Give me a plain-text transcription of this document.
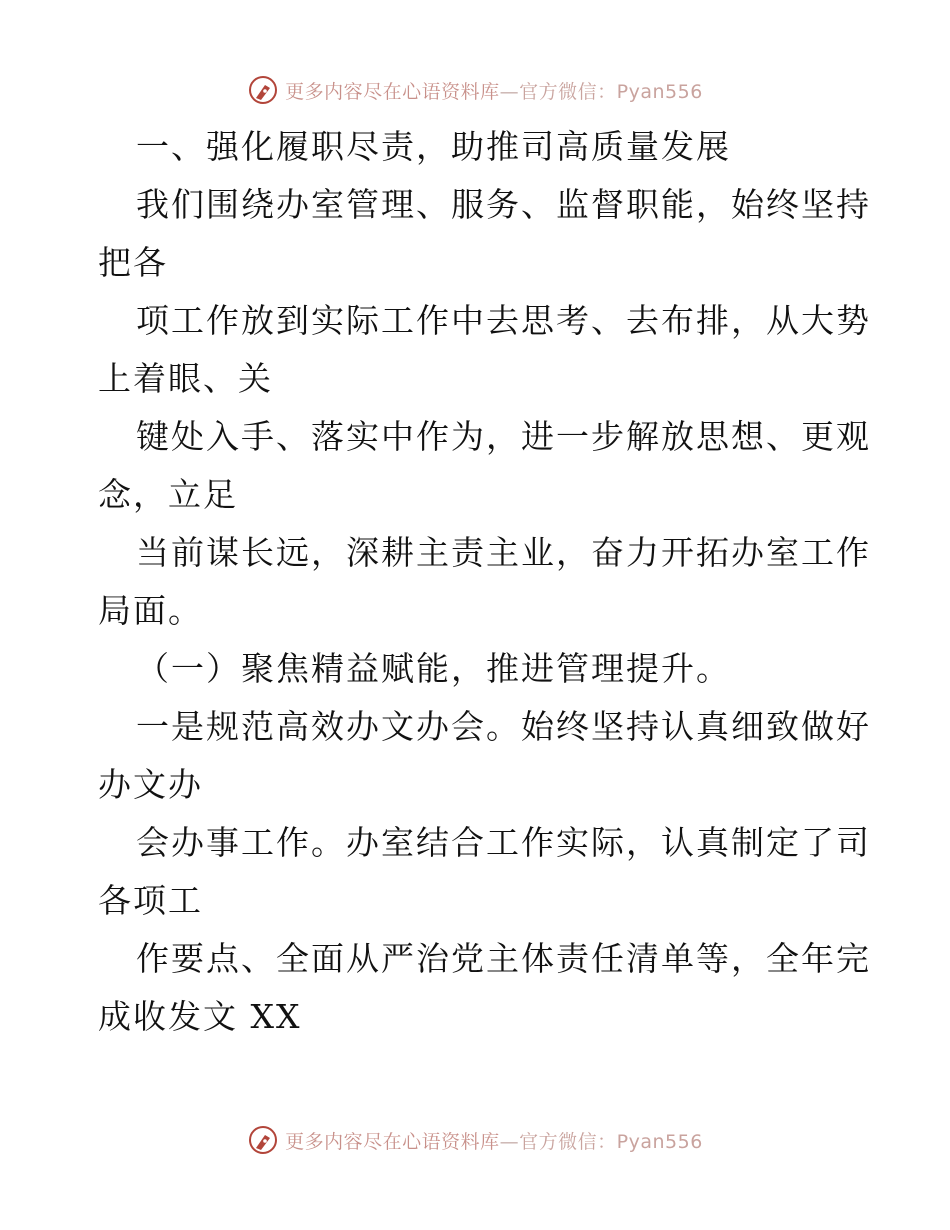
更多内容尽在心语资料库—官方微信：Pyan556
一、强化履职尽责，助推司高质量发展
我们围绕办室管理、服务、监督职能，始终坚持
把各
项工作放到实际工作中去思考、去布排，从大势
上着眼、关
键处入手、落实中作为，进一步解放思想、更观
念，立足
当前谋长远，深耕主责主业，奋力开拓办室工作
局面。
（一）聚焦精益赋能，推进管理提升。
一是规范高效办文办会。始终坚持认真细致做好
办文办
会办事工作。办室结合工作实际，认真制定了司
各项工
作要点、全面从严治党主体责任清单等，全年完
成收发文 XX
更多内容尽在心语资料库—官方微信：Pyan556
